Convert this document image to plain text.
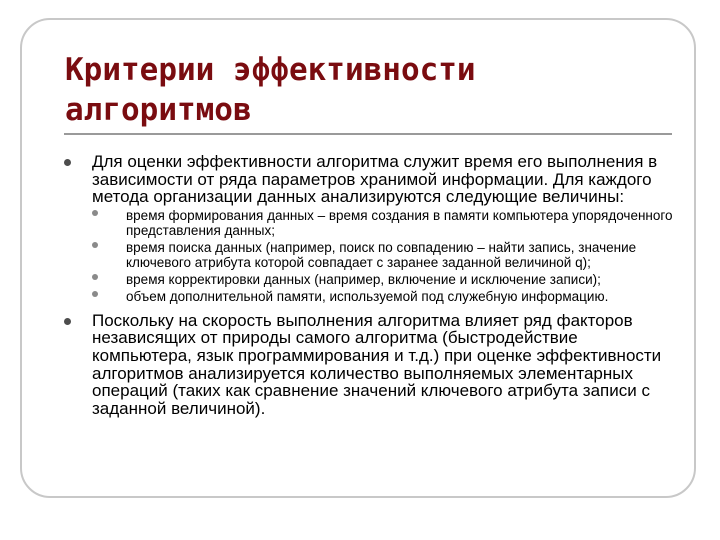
Критерии эффективности алгоритмов
Для оценки эффективности алгоритма служит время его выполнения в зависимости от ряда параметров хранимой информации. Для каждого метода организации данных анализируются следующие величины:
время формирования данных – время создания в памяти компьютера упорядоченного представления данных;
время поиска данных (например, поиск по совпадению – найти запись, значение ключевого атрибута которой совпадает с заранее заданной величиной q);
время корректировки данных (например, включение и исключение записи);
объем дополнительной памяти, используемой под служебную информацию.
Поскольку на скорость выполнения алгоритма влияет ряд факторов независящих от природы самого алгоритма (быстродействие компьютера, язык программирования и т.д.) при оценке эффективности алгоритмов анализируется количество выполняемых элементарных операций (таких как сравнение значений ключевого атрибута записи с заданной величиной).
